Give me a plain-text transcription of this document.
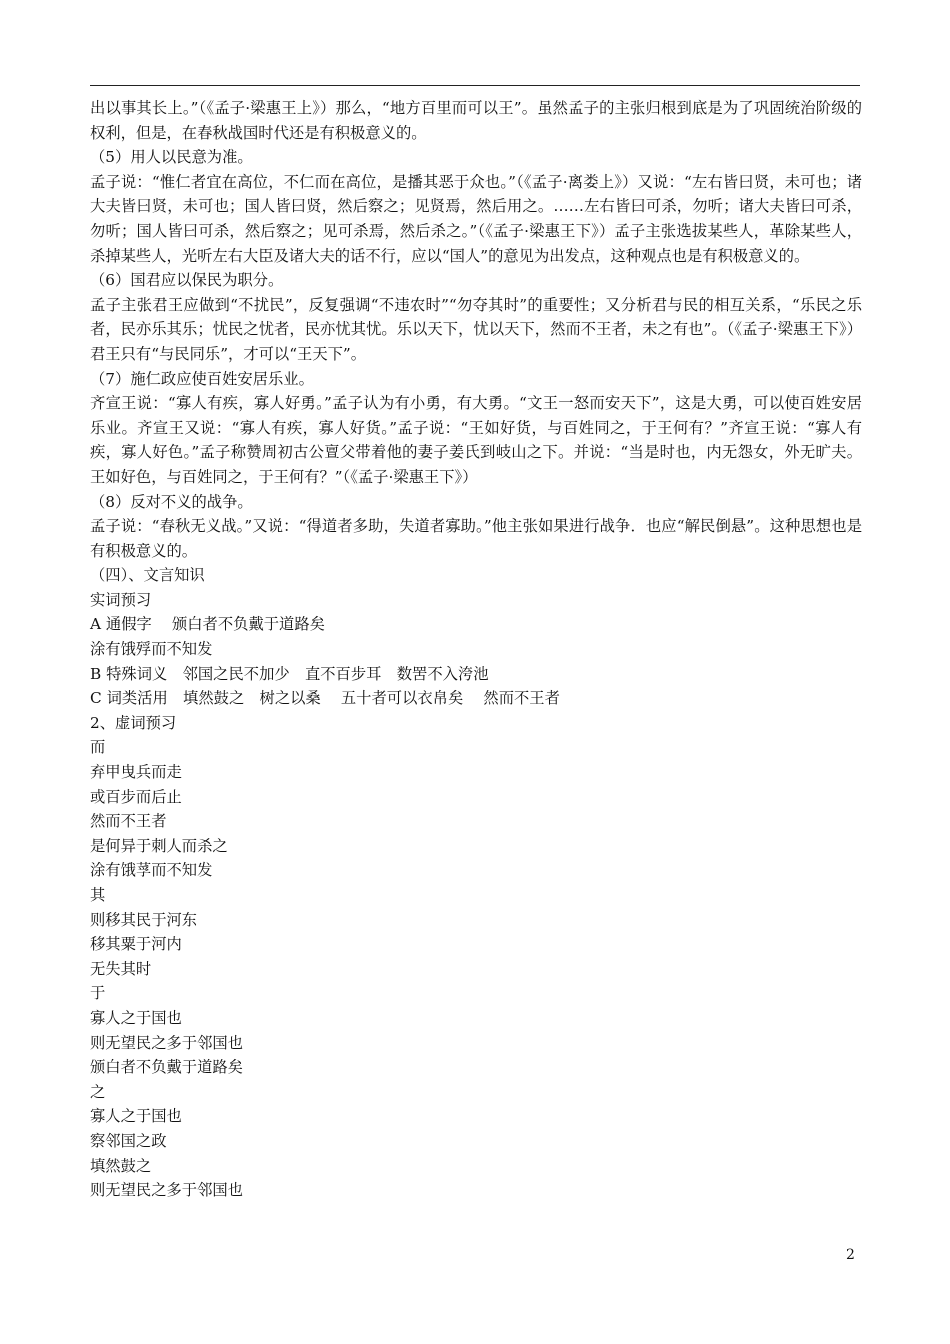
出以事其长上。”（《孟子·梁惠王上》）那么，“地方百里而可以王”。虽然孟子的主张归根到底是为了巩固统治阶级的权利，但是，在春秋战国时代还是有积极意义的。

（5）用人以民意为准。

孟子说：“惟仁者宜在高位，不仁而在高位，是播其恶于众也。”（《孟子·离娄上》）又说：“左右皆曰贤，未可也；诸大夫皆曰贤，未可也；国人皆曰贤，然后察之；见贤焉，然后用之。……左右皆曰可杀，勿听；诸大夫皆曰可杀，勿听；国人皆曰可杀，然后察之；见可杀焉，然后杀之。”（《孟子·梁惠王下》）孟子主张选拔某些人，革除某些人，杀掉某些人，光听左右大臣及诸大夫的话不行，应以“国人”的意见为出发点，这种观点也是有积极意义的。

（6）国君应以保民为职分。

孟子主张君王应做到“不扰民”，反复强调“不违农时”“勿夺其时”的重要性；又分析君与民的相互关系，“乐民之乐者，民亦乐其乐；忧民之忧者，民亦忧其忧。乐以天下，忧以天下，然而不王者，未之有也”。（《孟子·梁惠王下》）君王只有“与民同乐”，才可以“王天下”。

（7）施仁政应使百姓安居乐业。

齐宣王说：“寡人有疾，寡人好勇。”孟子认为有小勇，有大勇。“文王一怒而安天下”，这是大勇，可以使百姓安居乐业。齐宣王又说：“寡人有疾，寡人好货。”孟子说：“王如好货，与百姓同之，于王何有？”齐宣王说：“寡人有疾，寡人好色。”孟子称赞周初古公亶父带着他的妻子姜氏到岐山之下。并说：“当是时也，内无怨女，外无旷夫。王如好色，与百姓同之，于王何有？”（《孟子·梁惠王下》）

（8）反对不义的战争。

孟子说：“春秋无义战。”又说：“得道者多助，失道者寡助。”他主张如果进行战争．也应“解民倒悬”。这种思想也是有积极意义的。

（四）、文言知识

实词预习

A 通假字　 颁白者不负戴于道路矣

涂有饿殍而不知发

B 特殊词义　邻国之民不加少　直不百步耳　数罟不入洿池

C 词类活用　填然鼓之　树之以桑　 五十者可以衣帛矣　 然而不王者

2、虚词预习

而

弃甲曳兵而走

或百步而后止

然而不王者

是何异于刺人而杀之

涂有饿莩而不知发

其

则移其民于河东

移其粟于河内

无失其时

于

寡人之于国也

则无望民之多于邻国也

颁白者不负戴于道路矣

之

寡人之于国也

察邻国之政

填然鼓之

则无望民之多于邻国也

2
